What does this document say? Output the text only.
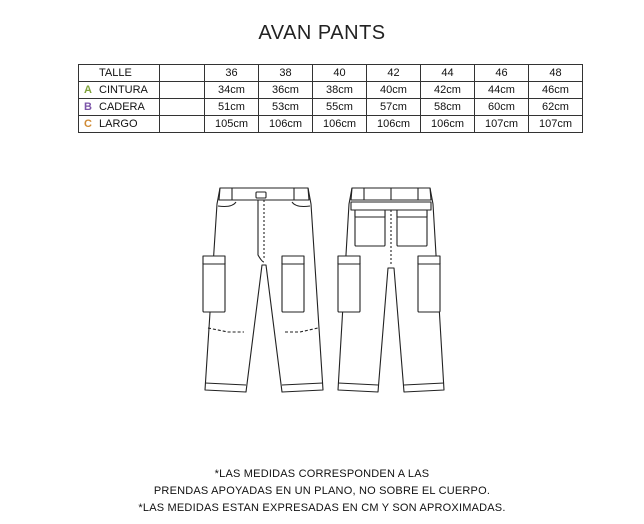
AVAN PANTS
	TALLE		36	38	40	42	44	46	48
A	CINTURA		34cm	36cm	38cm	40cm	42cm	44cm	46cm
B	CADERA		51cm	53cm	55cm	57cm	58cm	60cm	62cm
C	LARGO		105cm	106cm	106cm	106cm	106cm	107cm	107cm
*LAS MEDIDAS CORRESPONDEN A LAS
PRENDAS APOYADAS EN UN PLANO, NO SOBRE EL CUERPO.
*LAS MEDIDAS ESTAN EXPRESADAS EN CM Y SON APROXIMADAS.
